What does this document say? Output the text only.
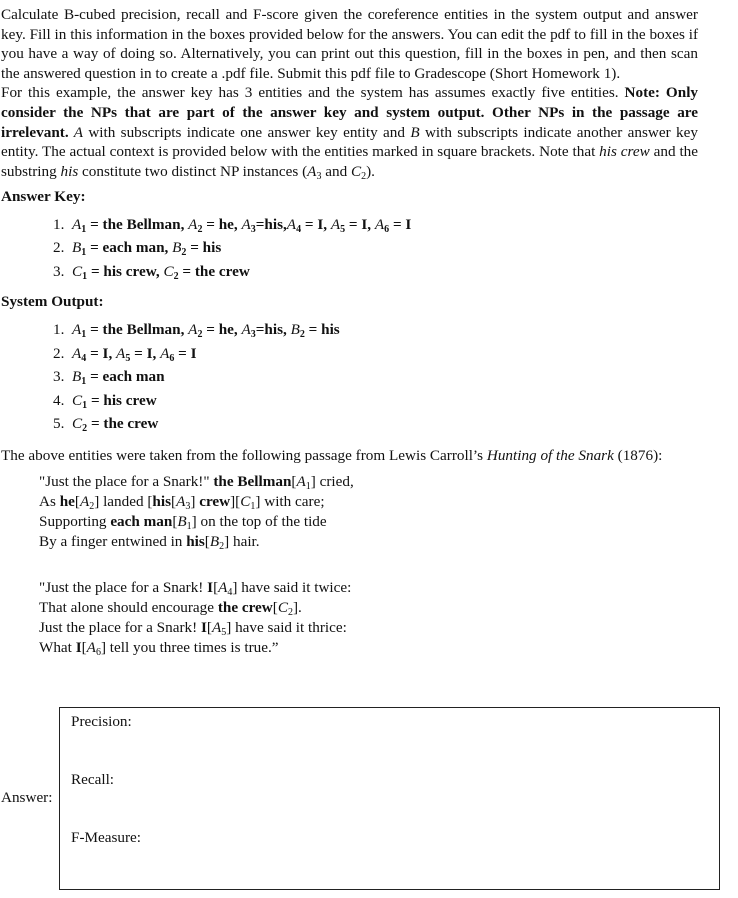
Calculate B-cubed precision, recall and F-score given the coreference entities in the system output and answer key. Fill in this information in the boxes provided below for the answers. You can edit the pdf to fill in the boxes if you have a way of doing so. Alternatively, you can print out this question, fill in the boxes in pen, and then scan the answered question in to create a .pdf file. Submit this pdf file to Gradescope (Short Homework 1).

For this example, the answer key has 3 entities and the system has assumes exactly five entities. Note: Only consider the NPs that are part of the answer key and system output. Other NPs in the passage are irrelevant. A with subscripts indicate one answer key entity and B with subscripts indicate another answer key entity. The actual context is provided below with the entities marked in square brackets. Note that his crew and the substring his constitute two distinct NP instances ($A_3$ and $C_2$).

Answer Key:
1. $A_1$ = the Bellman, $A_2$ = he, $A_3=his,A_4 = I$, $A_5 = I$, $A_6 = I$
2. $B_1$ = each man, $B_2$ = his
3. $C_1$ = his crew, $C_2$ = the crew
System Output:
1. $A_1$ = the Bellman, $A_2$ = he, $A_3=his$, $B_2$ = his
2. $A_4 = I$, $A_5 = I$, $A_6 = I$
3. $B_1$ = each man
4. $C_1$ = his crew
5. $C_2$ = the crew

The above entities were taken from the following passage from Lewis Carroll’s Hunting of the Snark (1876):

"Just the place for a Snark!" the $Bellman[A_1]$ cried,
As $he[A_2]$ landed [$his[A_3]$ $crew][C_1]$ with care;
Supporting each $man[B_1]$ on the top of the tide
By a finger entwined in $his[B_2]$ hair.
"Just the place for a Snark! $I[A_4]$ have said it twice:
That alone should encourage the $crew[C_2]$.
Just the place for a Snark! $I[A_5]$ have said it thrice:
What $I[A_6]$ tell you three times is true.”
Answer:
Precision:
Recall:
F-Measure:
